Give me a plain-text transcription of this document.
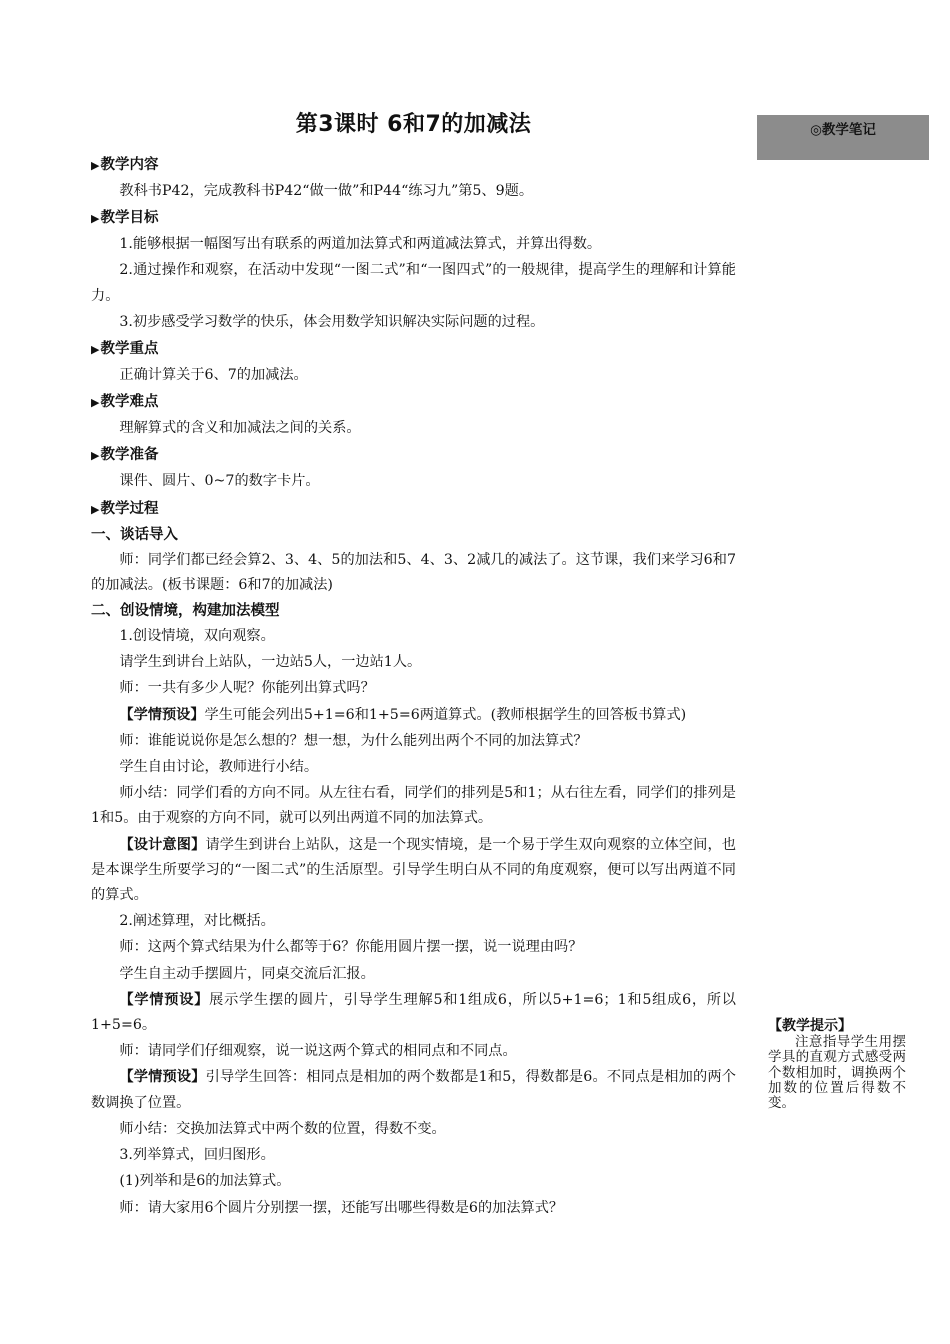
◎教学笔记
第3课时 6和7的加减法
▶教学内容
教科书P42，完成教科书P42“做一做”和P44“练习九”第5、9题。
▶教学目标
1.能够根据一幅图写出有联系的两道加法算式和两道减法算式，并算出得数。
2.通过操作和观察，在活动中发现“一图二式”和“一图四式”的一般规律，提高学生的理解和计算能力。
3.初步感受学习数学的快乐，体会用数学知识解决实际问题的过程。
▶教学重点
正确计算关于6、7的加减法。
▶教学难点
理解算式的含义和加减法之间的关系。
▶教学准备
课件、圆片、0~7的数字卡片。
▶教学过程
一、谈话导入
师：同学们都已经会算2、3、4、5的加法和5、4、3、2减几的减法了。这节课，我们来学习6和7的加减法。(板书课题：6和7的加减法)
二、创设情境，构建加法模型
1.创设情境，双向观察。
请学生到讲台上站队，一边站5人，一边站1人。
师：一共有多少人呢？你能列出算式吗？
【学情预设】学生可能会列出5+1=6和1+5=6两道算式。(教师根据学生的回答板书算式)
师：谁能说说你是怎么想的？想一想，为什么能列出两个不同的加法算式？
学生自由讨论，教师进行小结。
师小结：同学们看的方向不同。从左往右看，同学们的排列是5和1；从右往左看，同学们的排列是1和5。由于观察的方向不同，就可以列出两道不同的加法算式。
【设计意图】请学生到讲台上站队，这是一个现实情境，是一个易于学生双向观察的立体空间，也是本课学生所要学习的“一图二式”的生活原型。引导学生明白从不同的角度观察，便可以写出两道不同的算式。
2.阐述算理，对比概括。
师：这两个算式结果为什么都等于6？你能用圆片摆一摆，说一说理由吗？
学生自主动手摆圆片，同桌交流后汇报。
【学情预设】展示学生摆的圆片，引导学生理解5和1组成6，所以5+1=6；1和5组成6，所以1+5=6。
师：请同学们仔细观察，说一说这两个算式的相同点和不同点。
【学情预设】引导学生回答：相同点是相加的两个数都是1和5，得数都是6。不同点是相加的两个数调换了位置。
师小结：交换加法算式中两个数的位置，得数不变。
3.列举算式，回归图形。
(1)列举和是6的加法算式。
师：请大家用6个圆片分别摆一摆，还能写出哪些得数是6的加法算式？
【教学提示】
注意指导学生用摆学具的直观方式感受两个数相加时，调换两个加数的位置后得数不变。
